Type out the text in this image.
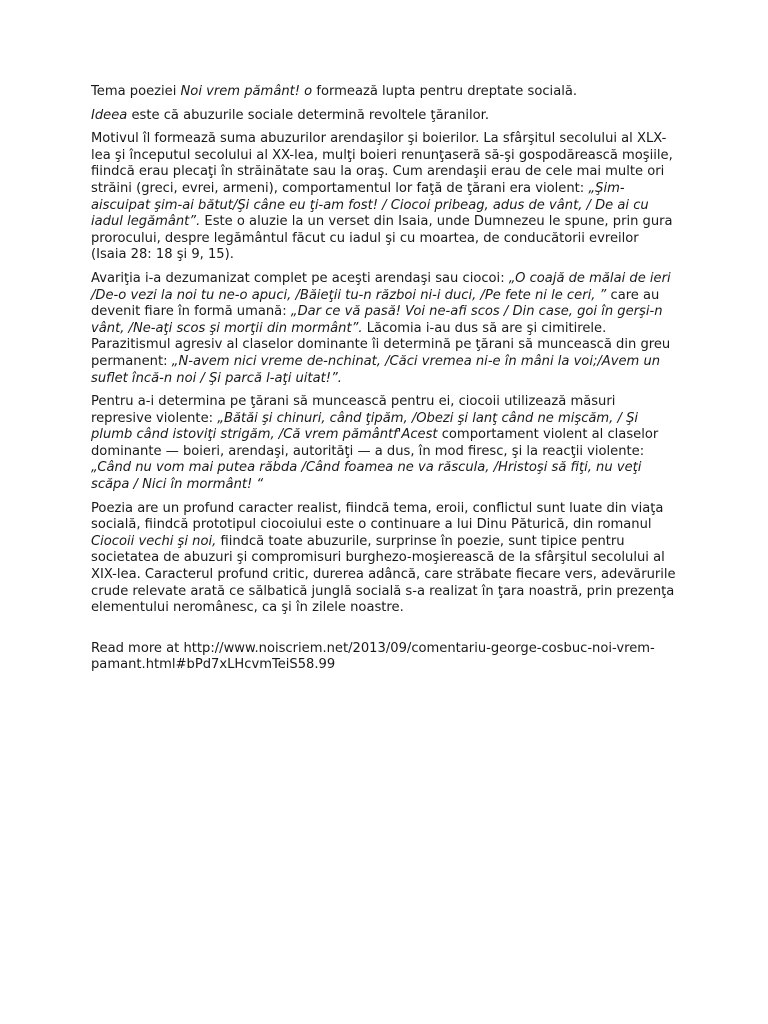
Tema poeziei Noi vrem pământ! o formează lupta pentru dreptate socială.

Ideea este că abuzurile sociale determină revoltele ţăranilor.

Motivul îl formează suma abuzurilor arendaşilor şi boierilor. La sfârşitul secolului al XLX-lea şi începutul secolului al XX-lea, mulţi boieri renunţaseră să-şi gospodărească moşiile, fiindcă erau plecaţi în străinătate sau la oraş. Cum arendaşii erau de cele mai multe ori străini (greci, evrei, armeni), comportamentul lor faţă de ţărani era violent: „Şim-aiscuipat şim-ai bătut/Şi câne eu ţi-am fost! / Ciocoi pribeag, adus de vânt, / De ai cu iadul legământ”. Este o aluzie la un verset din Isaia, unde Dumnezeu le spune, prin gura prorocului, despre legământul făcut cu iadul şi cu moartea, de conducătorii evreilor (Isaia 28: 18 şi 9, 15).

Avariţia i-a dezumanizat complet pe aceşti arendaşi sau ciocoi: „O coajă de mălai de ieri /De-o vezi la noi tu ne-o apuci, /Băieţii tu-n război ni-i duci, /Pe fete ni le ceri, ” care au devenit fiare în formă umană: „Dar ce vă pasă! Voi ne-afi scos / Din case, goi în gerşi-n vânt, /Ne-aţi scos şi morţii din mormânt”. Lăcomia i-au dus să are şi cimitirele. Parazitismul agresiv al claselor dominante îi determină pe ţărani să muncească din greu permanent: „N-avem nici vreme de-nchinat, /Căci vremea ni-e în mâni la voi;/Avem un suflet încă-n noi / Şi parcă l-aţi uitat!”.

Pentru a-i determina pe ţărani să muncească pentru ei, ciocoii utilizează măsuri represive violente: „Bătăi şi chinuri, când ţipăm, /Obezi şi lanţ când ne mişcăm, / Şi plumb când istoviţi strigăm, /Că vrem pământf'Acest comportament violent al claselor dominante — boieri, arendaşi, autorităţi — a dus, în mod firesc, şi la reacţii violente: „Când nu vom mai putea răbda /Când foamea ne va răscula, /Hristoşi să fiţi, nu veţi scăpa / Nici în mormânt! “

Poezia are un profund caracter realist, fiindcă tema, eroii, conflictul sunt luate din viaţa socială, fiindcă prototipul ciocoiului este o continuare a lui Dinu Păturică, din romanul Ciocoii vechi şi noi, fiindcă toate abuzurile, surprinse în poezie, sunt tipice pentru societatea de abuzuri şi compromisuri burghezo-moşierească de la sfârşitul secolului al XIX-lea. Caracterul profund critic, durerea adâncă, care străbate fiecare vers, adevărurile crude relevate arată ce sălbatică junglă socială s-a realizat în ţara noastră, prin prezenţa elementului neromânesc, ca şi în zilele noastre.

Read more at http://www.noiscriem.net/2013/09/comentariu-george-cosbuc-noi-vrem-pamant.html#bPd7xLHcvmTeiS58.99
